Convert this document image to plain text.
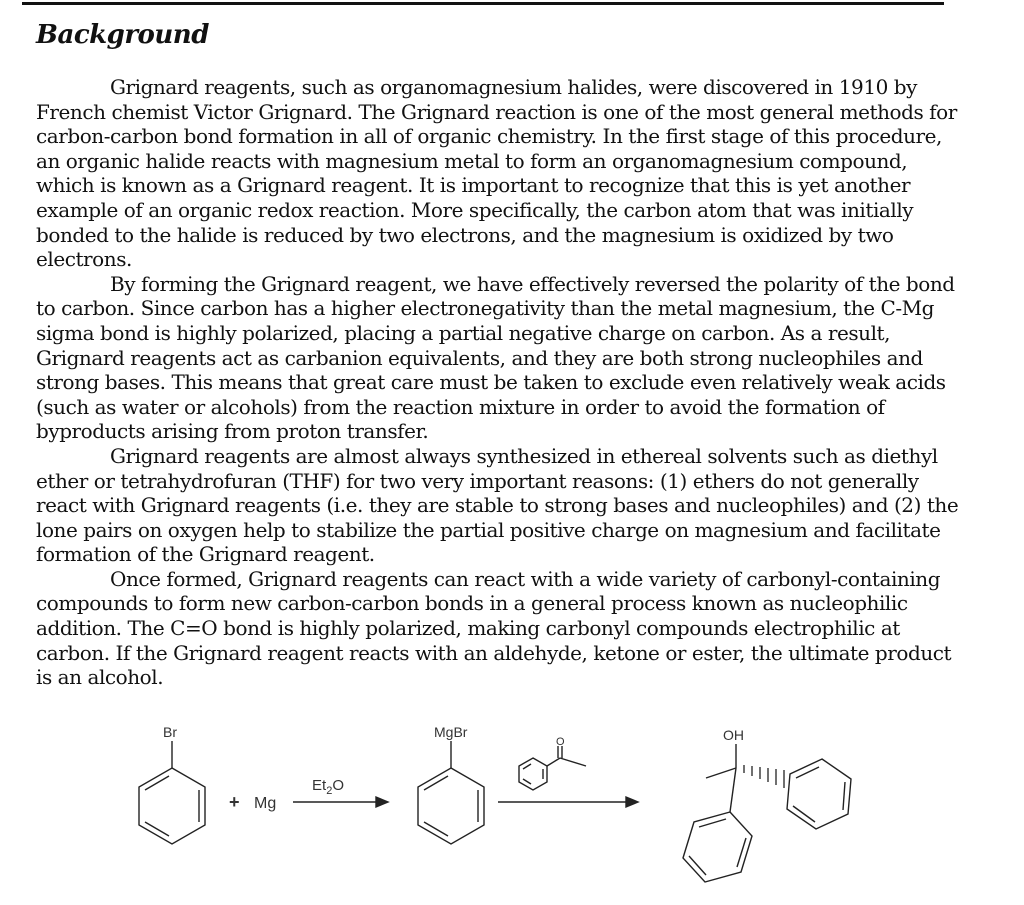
Background

Grignard reagents, such as organomagnesium halides, were discovered in 1910 by French chemist Victor Grignard. The Grignard reaction is one of the most general methods for carbon-carbon bond formation in all of organic chemistry. In the first stage of this procedure, an organic halide reacts with magnesium metal to form an organomagnesium compound, which is known as a Grignard reagent. It is important to recognize that this is yet another example of an organic redox reaction. More specifically, the carbon atom that was initially bonded to the halide is reduced by two electrons, and the magnesium is oxidized by two electrons.

By forming the Grignard reagent, we have effectively reversed the polarity of the bond to carbon. Since carbon has a higher electronegativity than the metal magnesium, the C-Mg sigma bond is highly polarized, placing a partial negative charge on carbon. As a result, Grignard reagents act as carbanion equivalents, and they are both strong nucleophiles and strong bases. This means that great care must be taken to exclude even relatively weak acids (such as water or alcohols) from the reaction mixture in order to avoid the formation of byproducts arising from proton transfer.

Grignard reagents are almost always synthesized in ethereal solvents such as diethyl ether or tetrahydrofuran (THF) for two very important reasons: (1) ethers do not generally react with Grignard reagents (i.e. they are stable to strong bases and nucleophiles) and (2) the lone pairs on oxygen help to stabilize the partial positive charge on magnesium and facilitate formation of the Grignard reagent.

Once formed, Grignard reagents can react with a wide variety of carbonyl-containing compounds to form new carbon-carbon bonds in a general process known as nucleophilic addition. The C=O bond is highly polarized, making carbonyl compounds electrophilic at carbon. If the Grignard reagent reacts with an aldehyde, ketone or ester, the ultimate product is an alcohol.

Br
+ Mg
$Et_2O$
MgBr
O	OH
